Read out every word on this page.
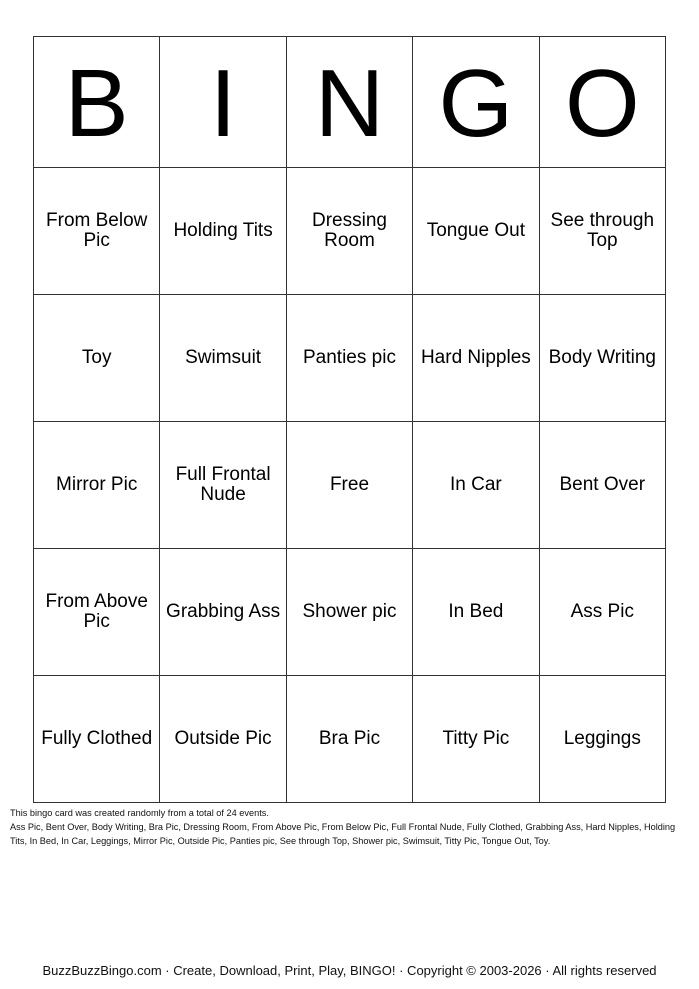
B	I	N	G	O
From Below Pic	Holding Tits	Dressing Room	Tongue Out	See through Top
Toy	Swimsuit	Panties pic	Hard Nipples	Body Writing
Mirror Pic	Full Frontal Nude	Free	In Car	Bent Over
From Above Pic	Grabbing Ass	Shower pic	In Bed	Ass Pic
Fully Clothed	Outside Pic	Bra Pic	Titty Pic	Leggings

This bingo card was created randomly from a total of 24 events.

Ass Pic, Bent Over, Body Writing, Bra Pic, Dressing Room, From Above Pic, From Below Pic, Full Frontal Nude, Fully Clothed, Grabbing Ass, Hard Nipples, Holding Tits, In Bed, In Car, Leggings, Mirror Pic, Outside Pic, Panties pic, See through Top, Shower pic, Swimsuit, Titty Pic, Tongue Out, Toy.

BuzzBuzzBingo.com · Create, Download, Print, Play, BINGO! · Copyright © 2003-2026 · All rights reserved
